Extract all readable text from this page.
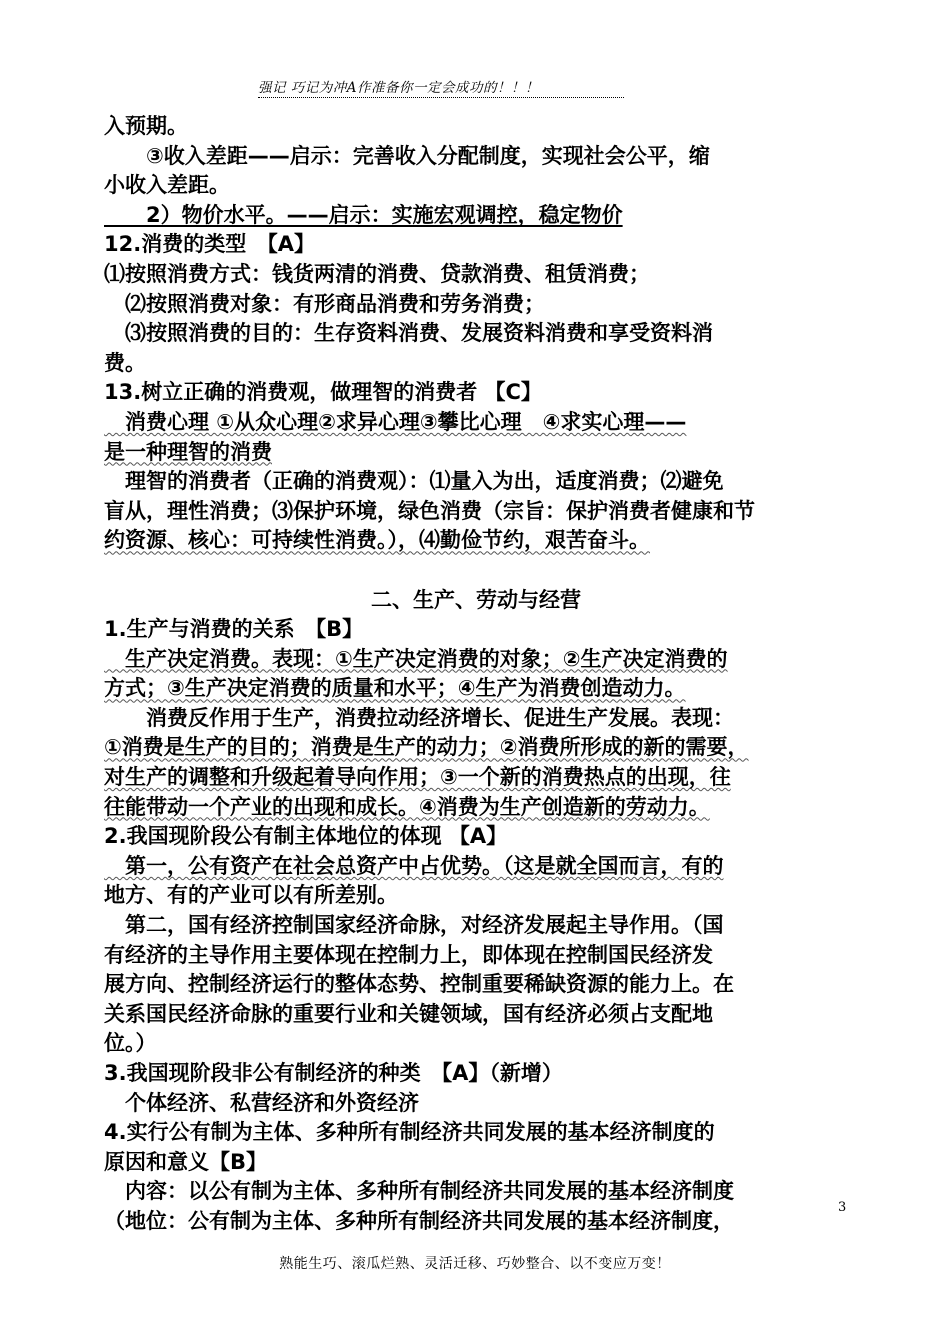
强记 巧记为冲A作准备你一定会成功的！！！

入预期。

　　③收入差距——启示：完善收入分配制度，实现社会公平，缩

小收入差距。

　　2）物价水平。——启示：实施宏观调控，稳定物价

12.消费的类型　【A】

⑴按照消费方式：钱货两清的消费、贷款消费、租赁消费；

　⑵按照消费对象：有形商品消费和劳务消费；

　⑶按照消费的目的：生存资料消费、发展资料消费和享受资料消

费。

13.树立正确的消费观，做理智的消费者 【C】

　消费心理 ①从众心理②求异心理③攀比心理　④求实心理——

是一种理智的消费

　理智的消费者（正确的消费观）：⑴量入为出，适度消费；⑵避免

盲从，理性消费；⑶保护环境，绿色消费（宗旨：保护消费者健康和节

约资源、核心：可持续性消费。），⑷勤俭节约，艰苦奋斗。

二、生产、劳动与经营

1.生产与消费的关系　【B】

　生产决定消费。表现：①生产决定消费的对象；②生产决定消费的

方式；③生产决定消费的质量和水平；④生产为消费创造动力。

　　消费反作用于生产，消费拉动经济增长、促进生产发展。表现：

①消费是生产的目的；消费是生产的动力；②消费所形成的新的需要，

对生产的调整和升级起着导向作用；③一个新的消费热点的出现，往

往能带动一个产业的出现和成长。④消费为生产创造新的劳动力。

2.我国现阶段公有制主体地位的体现 【A】

　第一，公有资产在社会总资产中占优势。（这是就全国而言，有的

地方、有的产业可以有所差别。

　第二，国有经济控制国家经济命脉，对经济发展起主导作用。（国

有经济的主导作用主要体现在控制力上，即体现在控制国民经济发

展方向、控制经济运行的整体态势、控制重要稀缺资源的能力上。在

关系国民经济命脉的重要行业和关键领域，国有经济必须占支配地

位。）

3.我国现阶段非公有制经济的种类　【A】（新增）

　个体经济、私营经济和外资经济

4.实行公有制为主体、多种所有制经济共同发展的基本经济制度的

原因和意义【B】

　内容：以公有制为主体、多种所有制经济共同发展的基本经济制度

（地位：公有制为主体、多种所有制经济共同发展的基本经济制度，

3
熟能生巧、滚瓜烂熟、灵活迁移、巧妙整合、以不变应万变！
